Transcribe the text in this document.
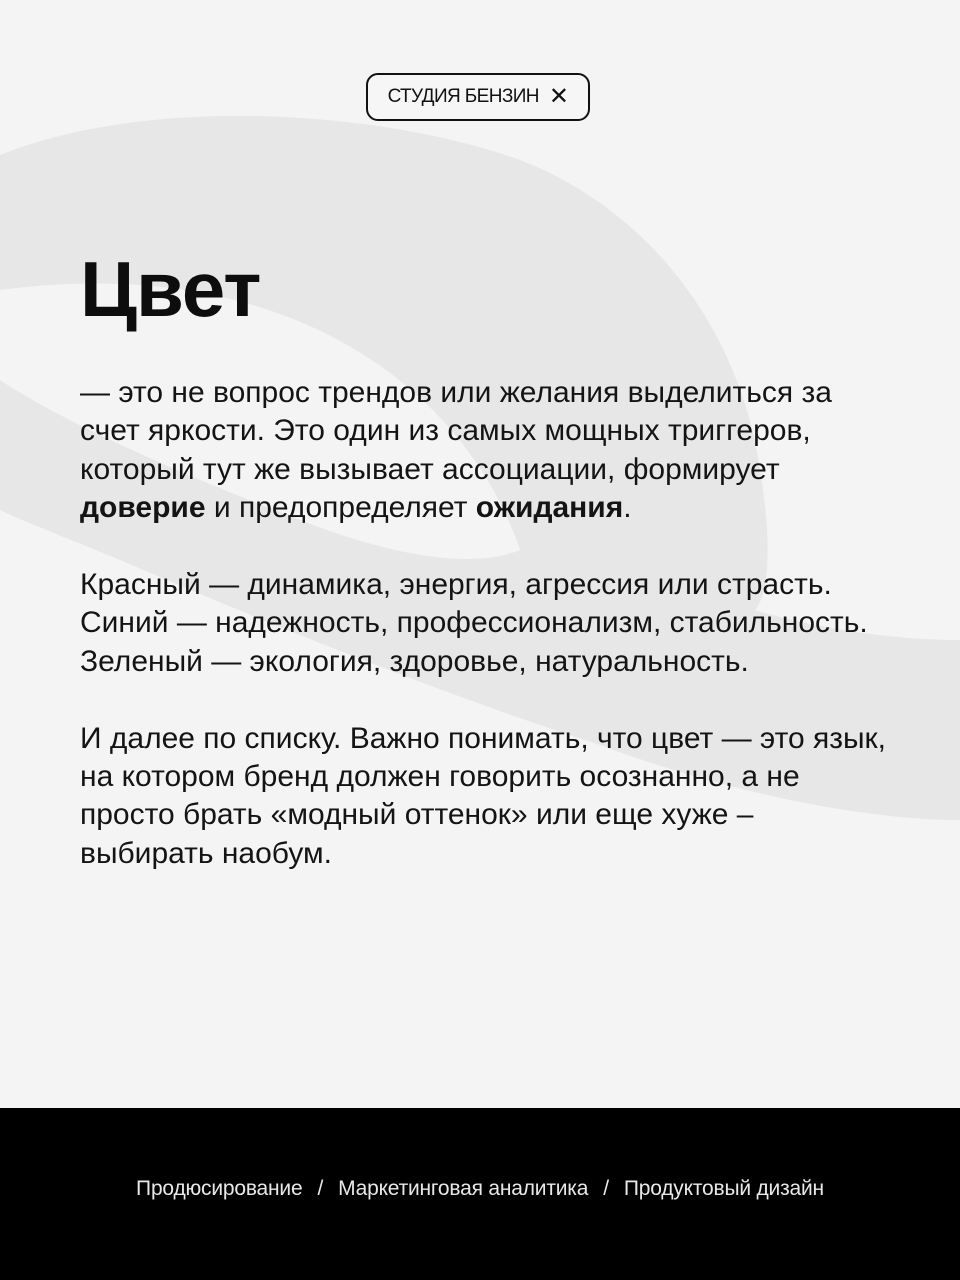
СТУДИЯ БЕНЗИН ✕
Цвет

— это не вопрос трендов или желания выделиться за счет яркости. Это один из самых мощных триггеров, который тут же вызывает ассоциации, формирует доверие и предопределяет ожидания.

Красный — динамика, энергия, агрессия или страсть.

Синий — надежность, профессионализм, стабильность.

Зеленый — экология, здоровье, натуральность.

И далее по списку. Важно понимать, что цвет — это язык, на котором бренд должен говорить осознанно, а не просто брать «модный оттенок» или еще хуже – выбирать наобум.

Продюсирование / Маркетинговая аналитика / Продуктовый дизайн
